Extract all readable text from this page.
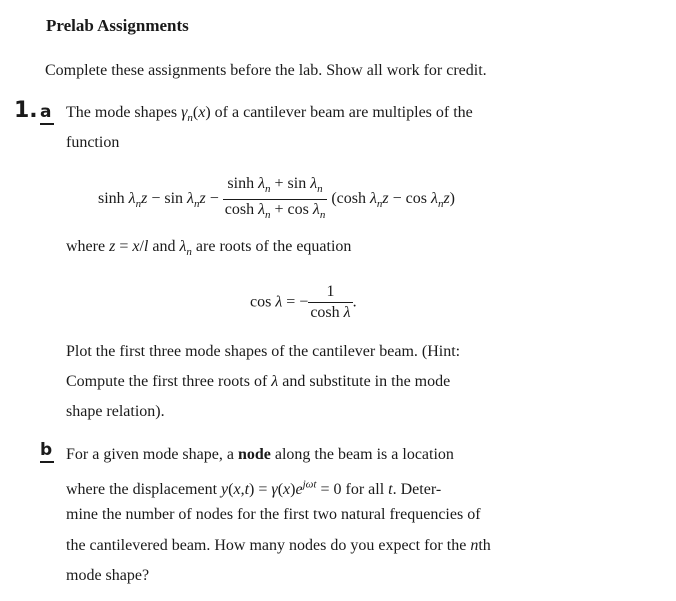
Prelab Assignments
Complete these assignments before the lab. Show all work for credit.
1. a The mode shapes $\gamma_n(x)$ of a cantilever beam are multiples of the
function
$\sinh \lambda_nz - \sin \lambda_nz - \frac{\sinh \lambda_n + \sin \lambda_n}{\cosh \lambda_n + \cos \lambda_n} (\cosh$ $\lambda_nz - \cos \lambda_nz$)
where z = x/l and $\lambda_n$ are roots of the equation
cos λ = − $\frac{1}{\text{cosh λ}}$ .
Plot the first three mode shapes of the cantilever beam. (Hint:
Compute the first three roots of λ and substitute in the mode
shape relation).
b For a given mode shape, a node along the beam is a location
where the displacement $y(x,t) = \gamma(x)e^{j\omega t} = 0$ for all t. Deter-
mine the number of nodes for the first two natural frequencies of
the cantilevered beam. How many nodes do you expect for the nth
mode shape?
